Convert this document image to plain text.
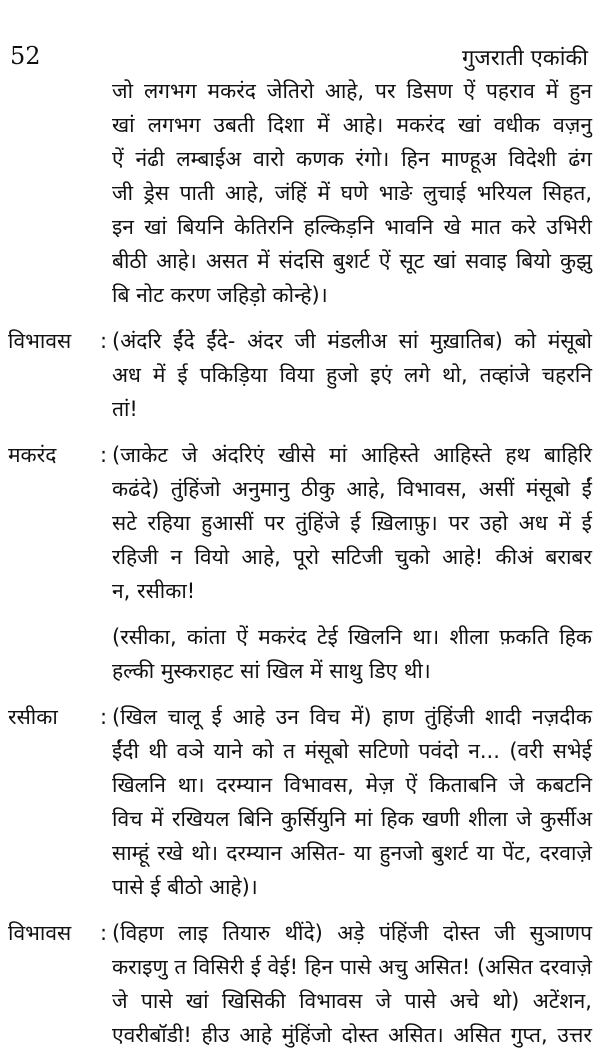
52	गुजराती एकांकी
जो लगभग मकरंद जेतिरो आहे, पर डिसण ऐं पहराव में हुन
खां लगभग उबती दिशा में आहे। मकरंद खां वधीक वज़नु
ऐं नंढी लम्बाईअ वारो कणक रंगो। हिन माण्हूअ विदेशी ढंग
जी ड्रेस पाती आहे, जंहिं में घणे भाङे लुचाई भरियल सिहत,
इन खां बियनि केतिरनि हल्किड़नि भावनि खे मात करे उभिरी
बीठी आहे। असत में संदसि बुशर्ट ऐं सूट खां सवाइ बियो कुझु
बि नोट करण जहिड़ो कोन्हे)।
विभावस : (अंदरि ईंदे ईंदे- अंदर जी मंडलीअ सां मुख़ातिब) को मंसूबो
अध में ई पकिड़िया विया हुजो इएं लगे थो, तव्हांजे चहरनि
तां!
मकरंद : (जाकेट जे अंदरिएं खीसे मां आहिस्ते आहिस्ते हथ बाहिरि
कढंदे) तुंहिंजो अनुमानु ठीकु आहे, विभावस, असीं मंसूबो ईं
सटे रहिया हुआसीं पर तुंहिंजे ई ख़िलाफ़ु। पर उहो अध में ई
रहिजी न वियो आहे, पूरो सटिजी चुको आहे! कीअं बराबर
न, रसीका!
(रसीका, कांता ऐं मकरंद टेई खिलनि था। शीला फ़कति हिक
हल्की मुस्कराहट सां खिल में साथु डिए थी।
रसीका : (खिल चालू ई आहे उन विच में) हाण तुंहिंजी शादी नज़दीक
ईंदी थी वञे याने को त मंसूबो सटिणो पवंदो न... (वरी सभेई
खिलनि था। दरम्यान विभावस, मेज़ ऐं किताबनि जे कबटनि
विच में रखियल बिनि कुर्सियुनि मां हिक खणी शीला जे कुर्सीअ
साम्हूं रखे थो। दरम्यान असित- या हुनजो बुशर्ट या पेंट, दरवाज़े
पासे ई बीठो आहे)।
विभावस : (विहण लाइ तियारु थींदे) अड़े पंहिंजी दोस्त जी सुञाणप
कराइणु त विसिरी ई वेई! हिन पासे अचु असित! (असित दरवाज़े
जे पासे खां खिसिकी विभावस जे पासे अचे थो) अटेंशन,
एवरीबॉडी! हीउ आहे मुंहिंजो दोस्त असित। असित गुप्त, उत्तर
